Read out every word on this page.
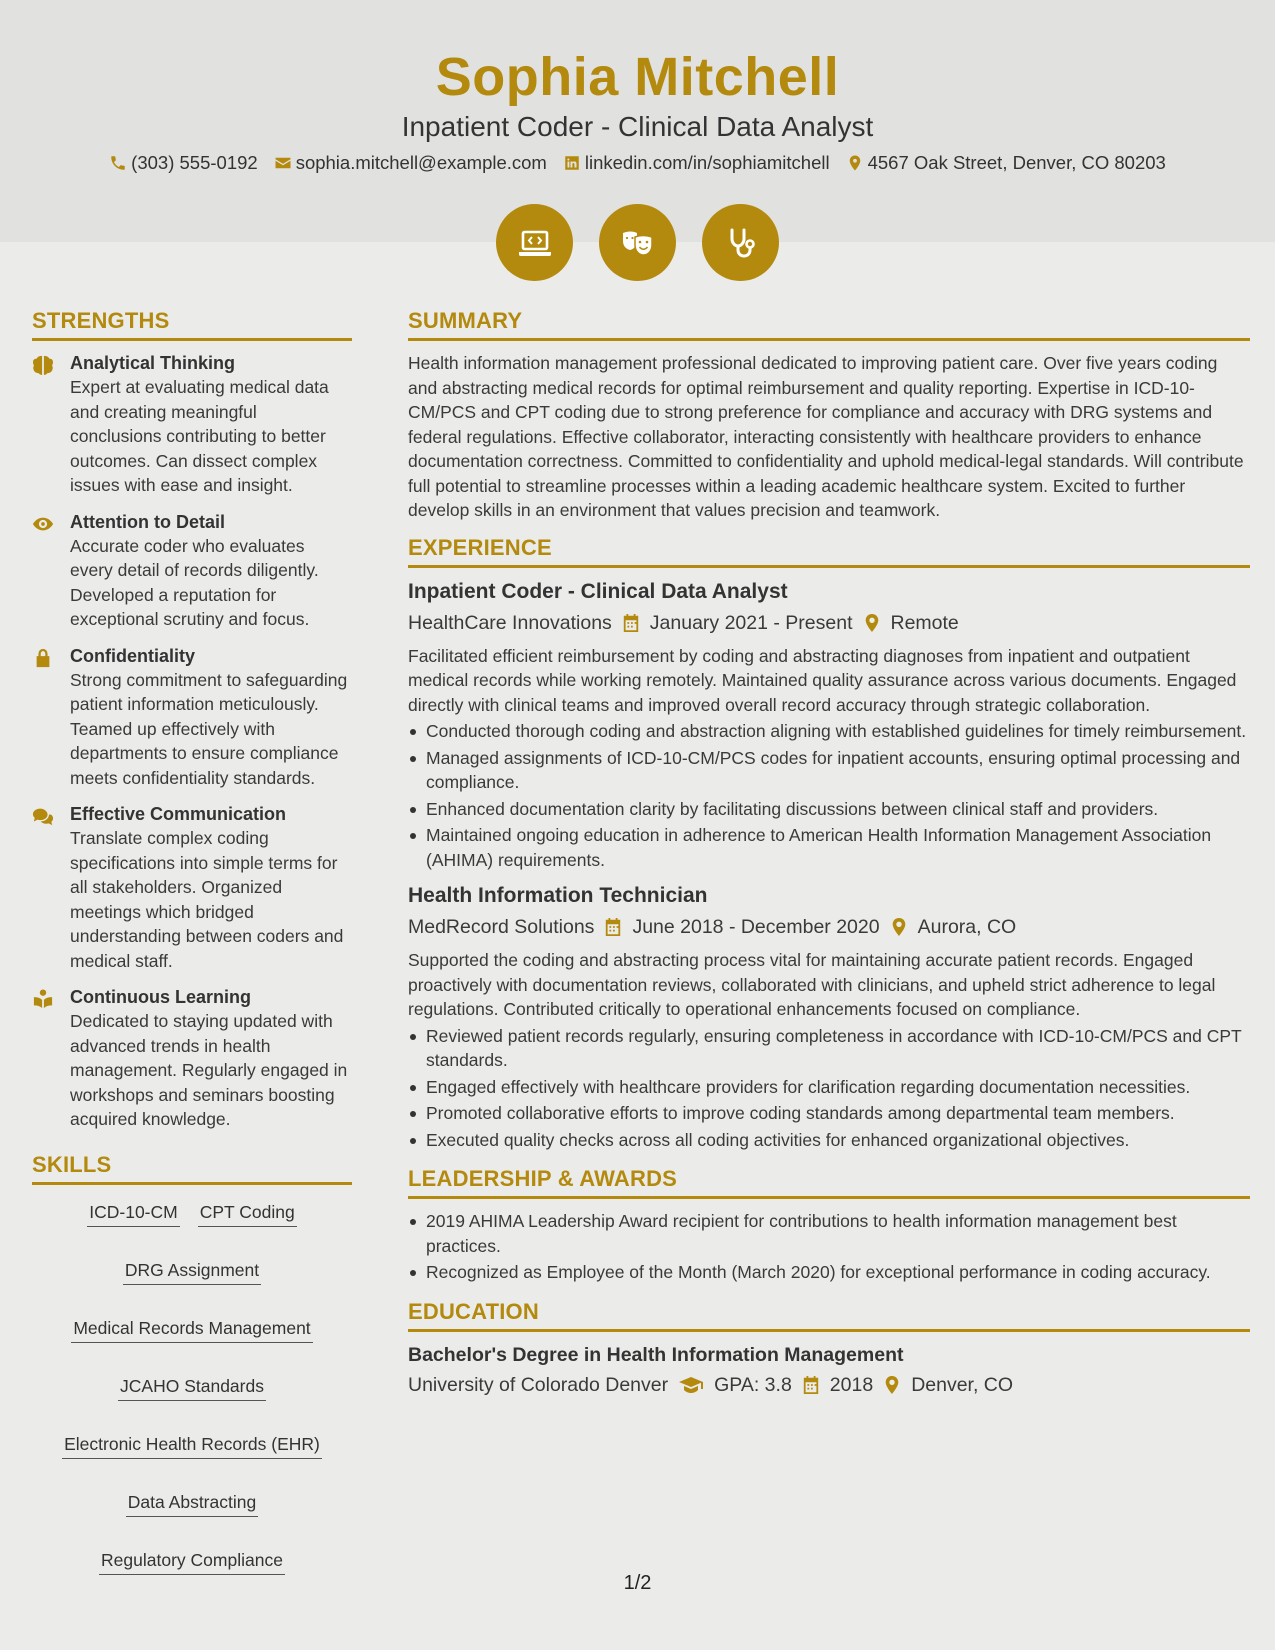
Sophia Mitchell
Inpatient Coder - Clinical Data Analyst
(303) 555-0192 sophia.mitchell@example.com linkedin.com/in/sophiamitchell 4567 Oak Street, Denver, CO 80203
STRENGTHS
Analytical Thinking
Expert at evaluating medical data and creating meaningful conclusions contributing to better outcomes. Can dissect complex issues with ease and insight.
Attention to Detail
Accurate coder who evaluates every detail of records diligently. Developed a reputation for exceptional scrutiny and focus.
Confidentiality
Strong commitment to safeguarding patient information meticulously. Teamed up effectively with departments to ensure compliance meets confidentiality standards.
Effective Communication
Translate complex coding specifications into simple terms for all stakeholders. Organized meetings which bridged understanding between coders and medical staff.
Continuous Learning
Dedicated to staying updated with advanced trends in health management. Regularly engaged in workshops and seminars boosting acquired knowledge.
SKILLS
ICD-10-CM CPT Coding
DRG Assignment
Medical Records Management
JCAHO Standards
Electronic Health Records (EHR)
Data Abstracting
Regulatory Compliance
SUMMARY
Health information management professional dedicated to improving patient care. Over five years coding and abstracting medical records for optimal reimbursement and quality reporting. Expertise in ICD-10-CM/PCS and CPT coding due to strong preference for compliance and accuracy with DRG systems and federal regulations. Effective collaborator, interacting consistently with healthcare providers to enhance documentation correctness. Committed to confidentiality and uphold medical-legal standards. Will contribute full potential to streamline processes within a leading academic healthcare system. Excited to further develop skills in an environment that values precision and teamwork.
EXPERIENCE
Inpatient Coder - Clinical Data Analyst
HealthCare Innovations January 2021 - Present Remote
Facilitated efficient reimbursement by coding and abstracting diagnoses from inpatient and outpatient medical records while working remotely. Maintained quality assurance across various documents. Engaged directly with clinical teams and improved overall record accuracy through strategic collaboration.
Conducted thorough coding and abstraction aligning with established guidelines for timely reimbursement.
Managed assignments of ICD-10-CM/PCS codes for inpatient accounts, ensuring optimal processing and compliance.
Enhanced documentation clarity by facilitating discussions between clinical staff and providers.
Maintained ongoing education in adherence to American Health Information Management Association (AHIMA) requirements.
Health Information Technician
MedRecord Solutions June 2018 - December 2020 Aurora, CO
Supported the coding and abstracting process vital for maintaining accurate patient records. Engaged proactively with documentation reviews, collaborated with clinicians, and upheld strict adherence to legal regulations. Contributed critically to operational enhancements focused on compliance.
Reviewed patient records regularly, ensuring completeness in accordance with ICD-10-CM/PCS and CPT standards.
Engaged effectively with healthcare providers for clarification regarding documentation necessities.
Promoted collaborative efforts to improve coding standards among departmental team members.
Executed quality checks across all coding activities for enhanced organizational objectives.
LEADERSHIP & AWARDS
2019 AHIMA Leadership Award recipient for contributions to health information management best practices.
Recognized as Employee of the Month (March 2020) for exceptional performance in coding accuracy.
EDUCATION
Bachelor's Degree in Health Information Management
University of Colorado Denver GPA: 3.8 2018 Denver, CO
1/2
